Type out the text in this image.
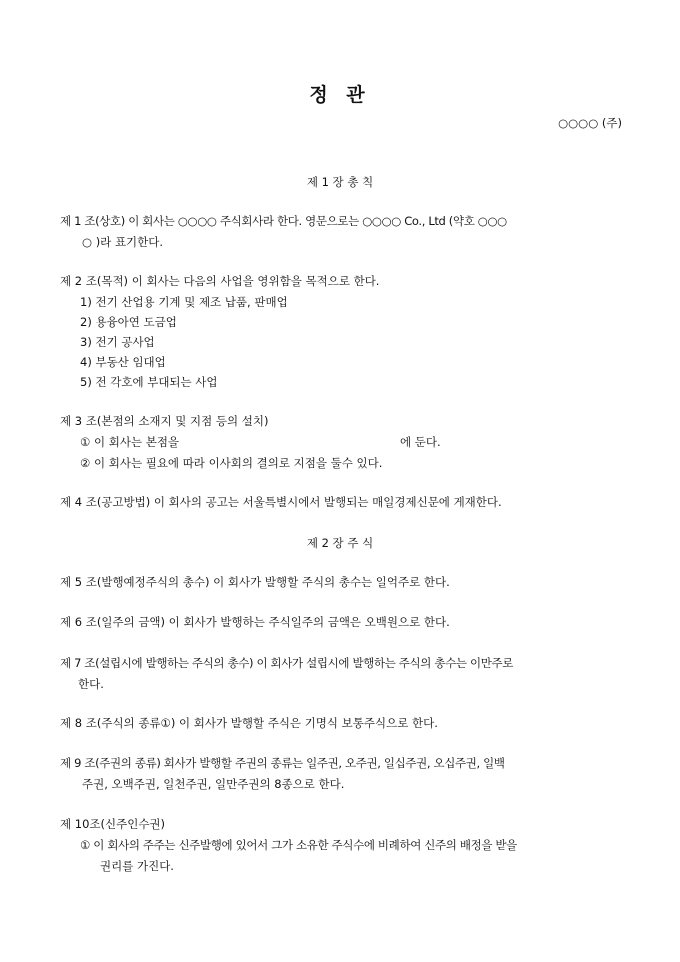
정 관
○○○○ (주)
제 1 장 총 칙
제 1 조(상호) 이 회사는 ○○○○ 주식회사라 한다. 영문으로는 ○○○○ Co., Ltd (약호 ○○○
○ )라 표기한다.
제 2 조(목적) 이 회사는 다음의 사업을 영위함을 목적으로 한다.
1) 전기 산업용 기계 및 제조 납품, 판매업
2) 용융아연 도금업
3) 전기 공사업
4) 부동산 임대업
5) 전 각호에 부대되는 사업
제 3 조(본점의 소재지 및 지점 등의 설치)
① 이 회사는 본점을	에 둔다.
② 이 회사는 필요에 따라 이사회의 결의로 지점을 둘수 있다.
제 4 조(공고방법) 이 회사의 공고는 서울특별시에서 발행되는 매일경제신문에 게재한다.
제 2 장 주 식
제 5 조(발행예정주식의 총수) 이 회사가 발행할 주식의 총수는 일억주로 한다.
제 6 조(일주의 금액) 이 회사가 발행하는 주식일주의 금액은 오백원으로 한다.
제 7 조(설립시에 발행하는 주식의 총수) 이 회사가 설립시에 발행하는 주식의 총수는 이만주로
한다.
제 8 조(주식의 종류①) 이 회사가 발행할 주식은 기명식 보통주식으로 한다.
제 9 조(주권의 종류) 회사가 발행할 주권의 종류는 일주권, 오주권, 일십주권, 오십주권, 일백
주권, 오백주권, 일천주권, 일만주권의 8종으로 한다.
제 10조(신주인수권)
① 이 회사의 주주는 신주발행에 있어서 그가 소유한 주식수에 비례하여 신주의 배정을 받을
권리를 가진다.
